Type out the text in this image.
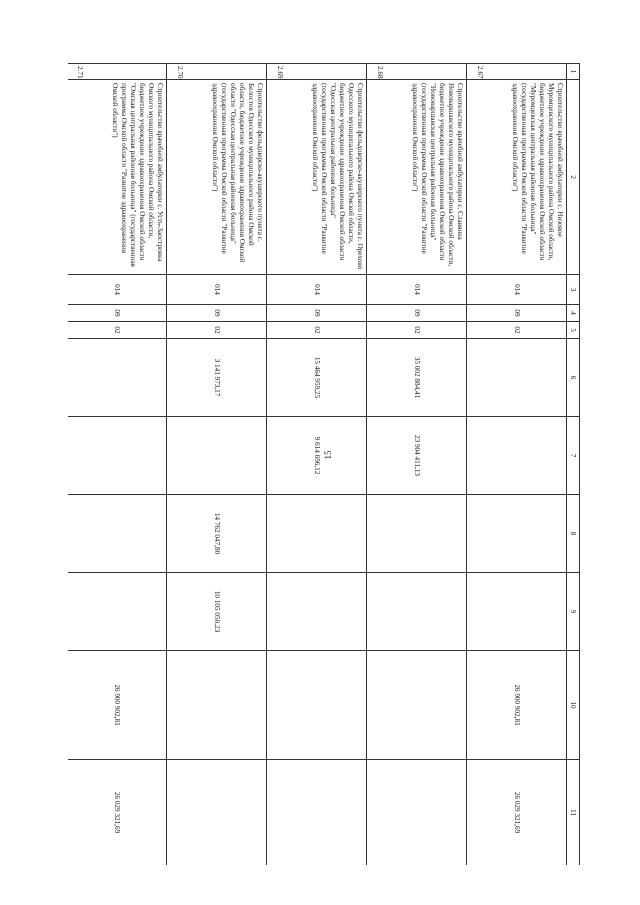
15
1	2	3	4	5	6	7	8	9	10	11
2.67	Строительство врачебной амбулатории с. Низовое Муромцевского муниципального района Омской области, бюджетное учреждение здравоохранения Омской области "Муромцевская центральная районная больница" (государственная программа Омской области "Развитие здравоохранения Омской области")	014	09	02					26 900 902,81	26 029 321,69
2.68	Строительство врачебной амбулатории с. Славянка Нововаршавского муниципального района Омской области, бюджетное учреждение здравоохранения Омской области "Нововаршавская центральная районная больница" (государственная программа Омской области "Развитие здравоохранения Омской области")	014	09	02	35 002 884,41	23 904 411,13				
2.69	Строительство фельдшерско-акушерского пункта с. Орехово Одесского муниципального района Омской области, бюджетное учреждение здравоохранения Омской области "Одесская центральная районная больница" (государственная программа Омской области "Развитие здравоохранения Омской области")	014	09	02	15 464 959,25	9 614 696,12				
2.70	Строительство фельдшерско-акушерского пункта с. Белостов Одесского муниципального района Омской области, бюджетное учреждение здравоохранения Омской области "Одесская центральная районная больница" (государственная программа Омской области "Развитие здравоохранения Омской области")	014	09	02	3 141 973,17		14 762 047,80	10 105 050,23		
2.71	Строительство врачебной амбулатории с. Усть-Заостровка Омского муниципального района Омской области, бюджетное учреждение здравоохранения Омской области "Омская центральная районная больница" (государственная программа Омской области "Развитие здравоохранения Омской области")	014	09	02					26 900 902,81	26 029 321,69
